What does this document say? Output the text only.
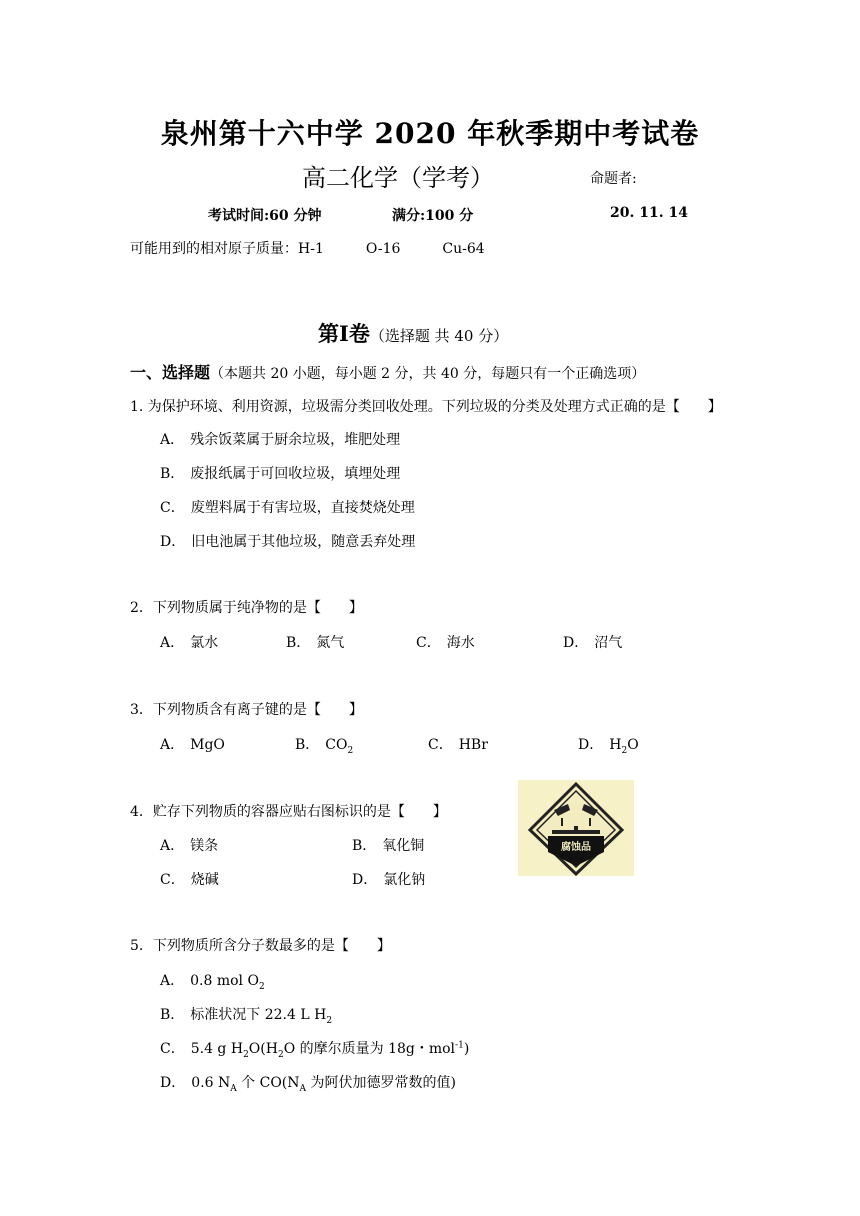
泉州第十六中学 2020 年秋季期中考试卷
高二化学（学考）	命题者:
考试时间:60 分钟	满分:100 分	20. 11. 14
可能用到的相对原子质量：H-1	O-16	Cu-64
第Ⅰ卷（选择题 共 40 分）
一、选择题（本题共 20 小题，每小题 2 分，共 40 分，每题只有一个正确选项）
1. 为保护环境、利用资源，垃圾需分类回收处理。下列垃圾的分类及处理方式正确的是【　　】
A． 残余饭菜属于厨余垃圾，堆肥处理
B． 废报纸属于可回收垃圾，填埋处理
C． 废塑料属于有害垃圾，直接焚烧处理
D． 旧电池属于其他垃圾，随意丢弃处理
2．下列物质属于纯净物的是【　　】
A． 氯水	B． 氮气	C． 海水	D． 沼气
3．下列物质含有离子键的是【　　】
A． MgO	B． $CO_2$	C． HBr	D． $H_2O$
4．贮存下列物质的容器应贴右图标识的是【　　】
A． 镁条	B． 氧化铜
C． 烧碱	D． 氯化钠
腐蚀品
5．下列物质所含分子数最多的是【　　】
A． 0.8 mol $O_2$
B． 标准状况下 22.4 L $H_2$
C． 5.4 g $H_2O(H_2O$ 的摩尔质量为 18g・mol$^{-1}$)
D． 0.6 $N_A$ 个 $CO(N_A$ 为阿伏加德罗常数的值)
